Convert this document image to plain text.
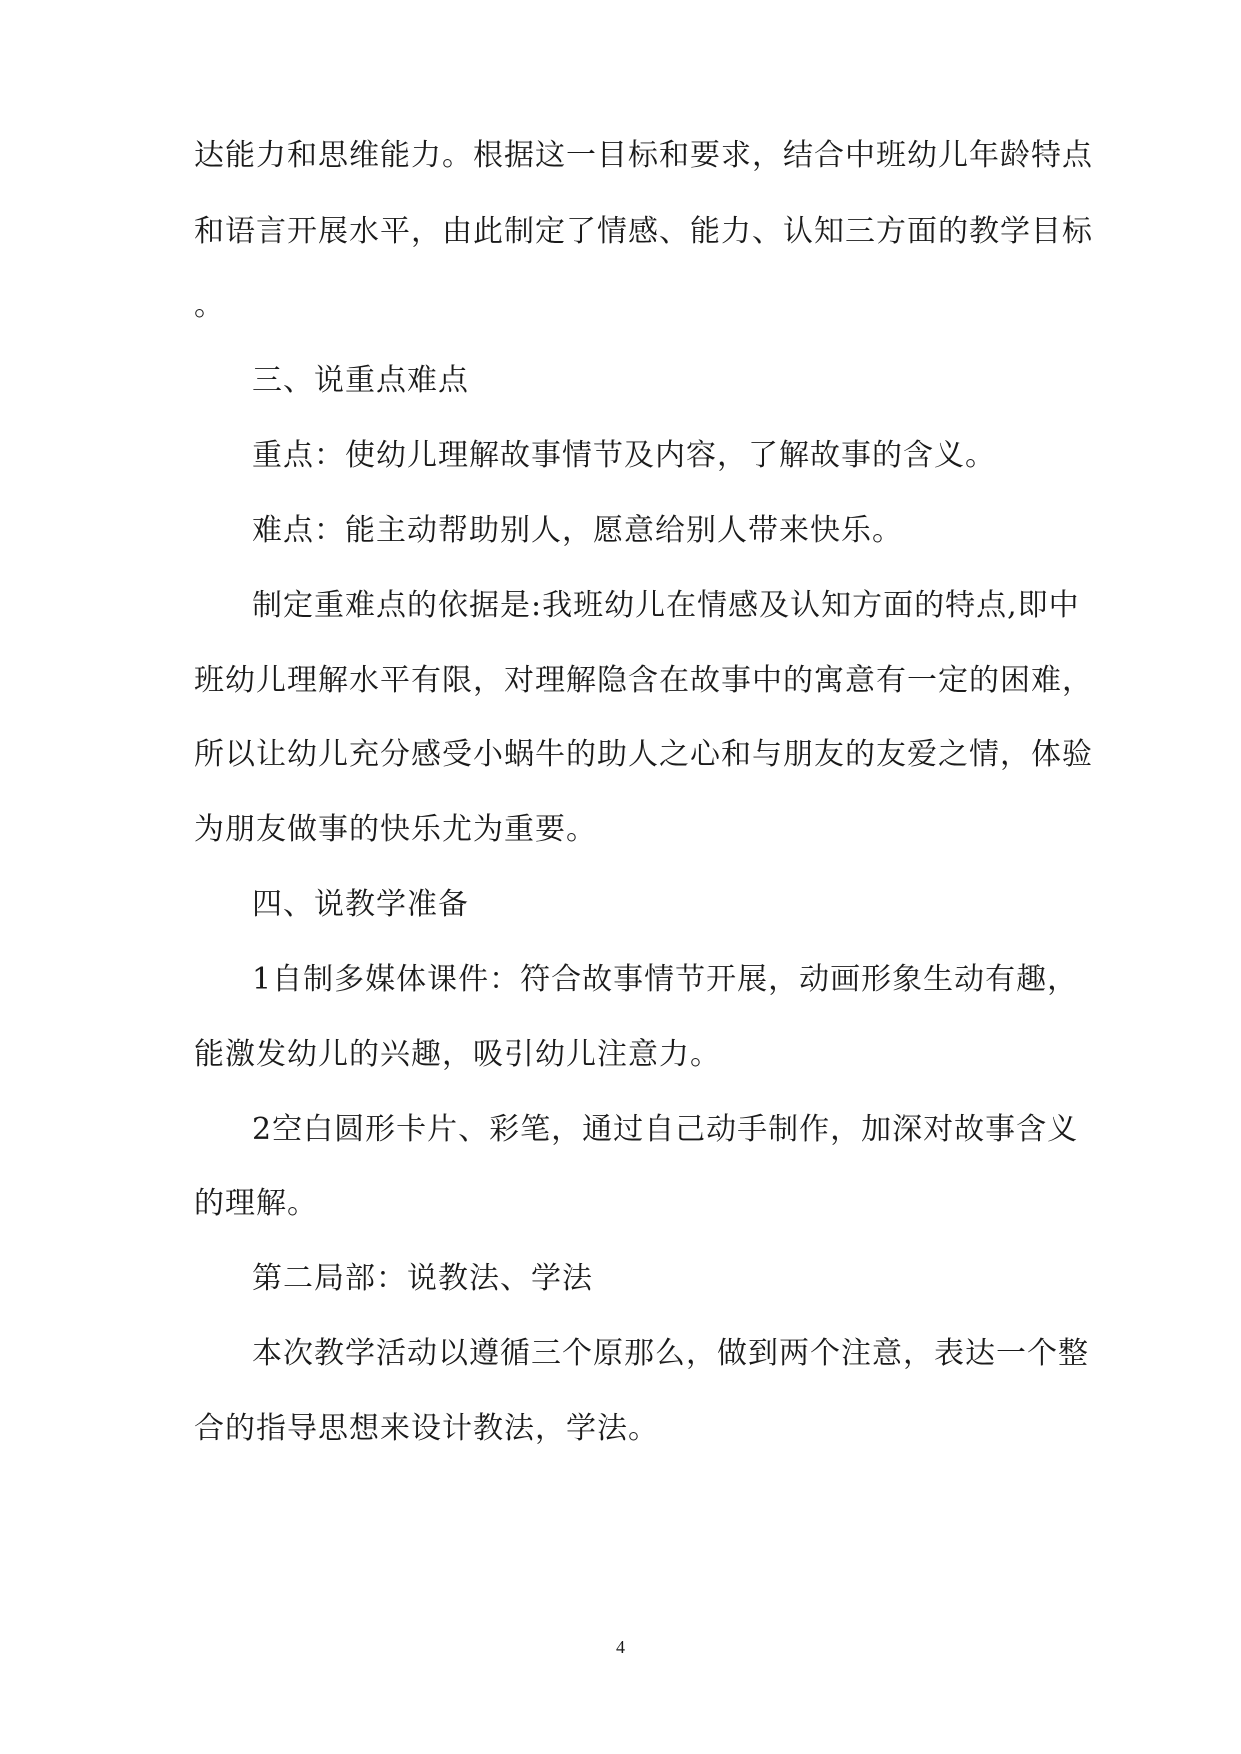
达能力和思维能力。根据这一目标和要求，结合中班幼儿年龄特点
和语言开展水平，由此制定了情感、能力、认知三方面的教学目标
。
三、说重点难点
重点：使幼儿理解故事情节及内容，了解故事的含义。
难点：能主动帮助别人，愿意给别人带来快乐。
制定重难点的依据是:我班幼儿在情感及认知方面的特点,即中
班幼儿理解水平有限，对理解隐含在故事中的寓意有一定的困难，
所以让幼儿充分感受小蜗牛的助人之心和与朋友的友爱之情，体验
为朋友做事的快乐尤为重要。
四、说教学准备
1自制多媒体课件：符合故事情节开展，动画形象生动有趣，
能激发幼儿的兴趣，吸引幼儿注意力。
2空白圆形卡片、彩笔，通过自己动手制作，加深对故事含义
的理解。
第二局部：说教法、学法
本次教学活动以遵循三个原那么，做到两个注意，表达一个整
合的指导思想来设计教法，学法。
4
